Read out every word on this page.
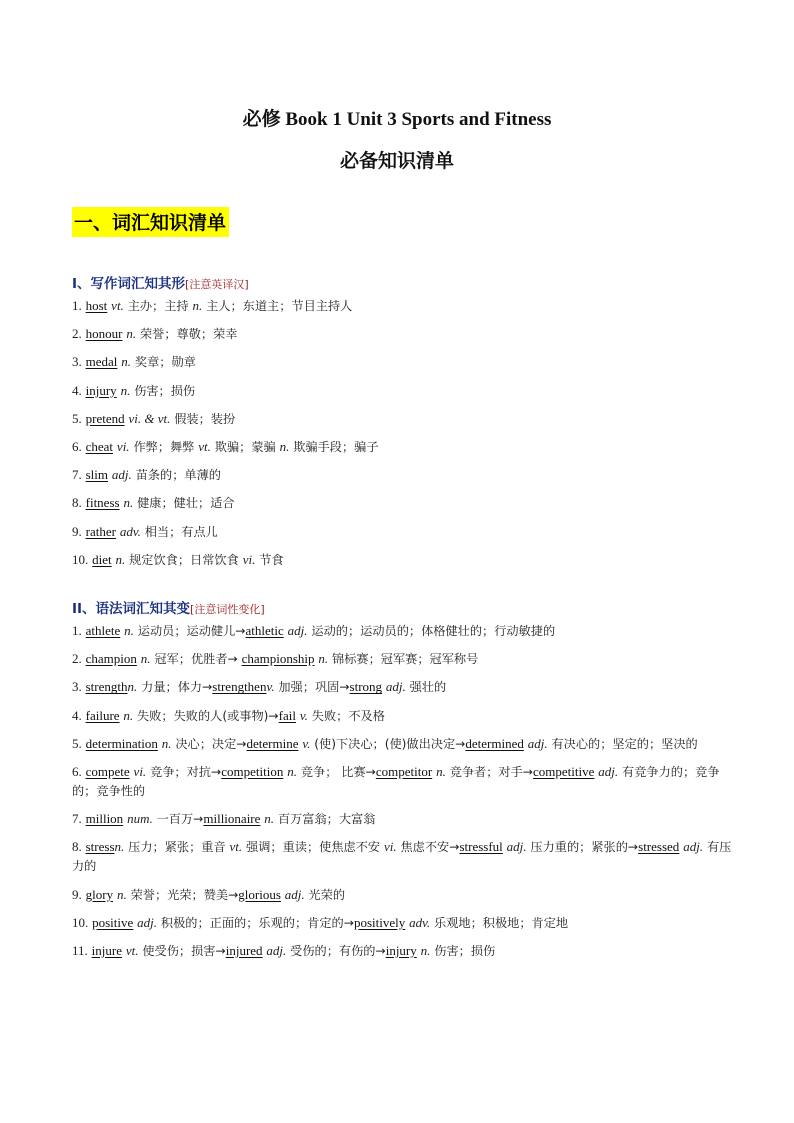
必修 Book 1 Unit 3 Sports and Fitness
必备知识清单
一、词汇知识清单
I、写作词汇知其形[注意英译汉]
1. host vt. 主办；主持 n. 主人；东道主；节目主持人
2. honour n. 荣誉；尊敬；荣幸
3. medal n. 奖章；勋章
4. injury n. 伤害；损伤
5. pretend vi. & vt. 假装；装扮
6. cheat vi. 作弊；舞弊 vt. 欺骗；蒙骗 n. 欺骗手段；骗子
7. slim adj. 苗条的；单薄的
8. fitness n. 健康；健壮；适合
9. rather adv. 相当；有点儿
10. diet n. 规定饮食；日常饮食 vi. 节食
II、语法词汇知其变[注意词性变化]
1. athlete n. 运动员；运动健儿→athletic adj. 运动的；运动员的；体格健壮的；行动敏捷的
2. champion n. 冠军；优胜者→ championship n. 锦标赛；冠军赛；冠军称号
3. strengthn. 力量；体力→strengthenv. 加强；巩固→strong adj. 强壮的
4. failure n. 失败；失败的人(或事物)→fail v. 失败；不及格
5. determination n. 决心；决定→determine v. (使)下决心；(使)做出决定→determined adj. 有决心的；坚定的；坚决的
6. compete vi. 竞争；对抗→competition n. 竞争； 比赛→competitor n. 竞争者；对手→competitive adj. 有竞争力的；竞争的；竞争性的
7. million num. 一百万→millionaire n. 百万富翁；大富翁
8. stressn. 压力；紧张；重音 vt. 强调；重读；使焦虑不安 vi. 焦虑不安→stressful adj. 压力重的；紧张的→stressed adj. 有压力的
9. glory n. 荣誉；光荣；赞美→glorious adj. 光荣的
10. positive adj. 积极的；正面的；乐观的；肯定的→positively adv. 乐观地；积极地；肯定地
11. injure vt. 使受伤；损害→injured adj. 受伤的；有伤的→injury n. 伤害；损伤
